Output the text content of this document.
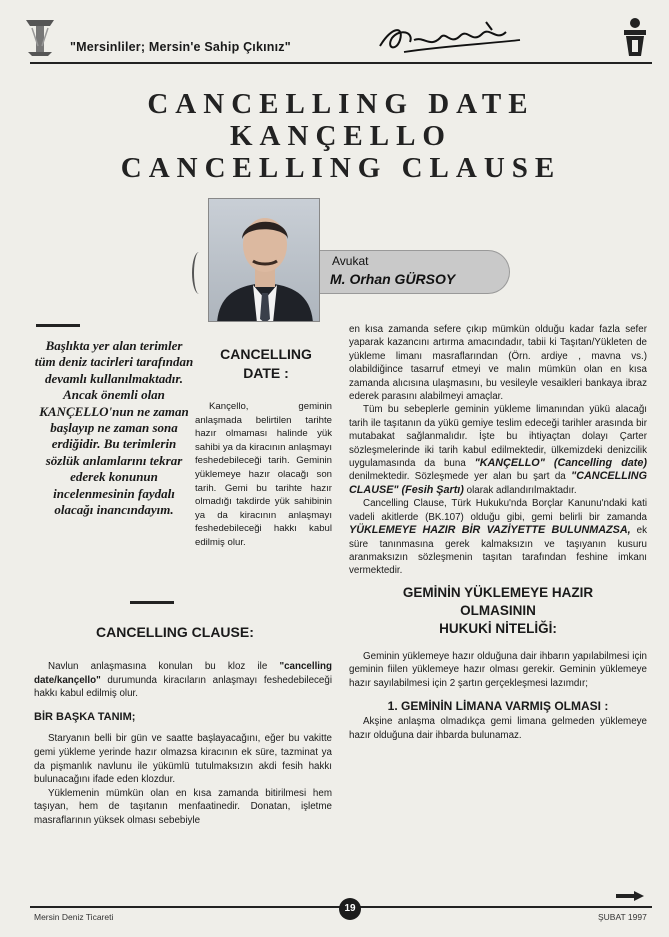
"Mersinliler; Mersin'e Sahip Çıkınız"
CANCELLING DATE
KANÇELLO
CANCELLING CLAUSE
Avukat
M. Orhan GÜRSOY
Başlıkta yer alan terimler tüm deniz tacirleri tarafından devamlı kullanılmaktadır. Ancak önemli olan KANÇELLO'nun ne zaman başlayıp ne zaman sona erdiğidir. Bu terimlerin sözlük anlamlarını tekrar ederek konunun incelenmesinin faydalı olacağı inancındayım.
CANCELLING
DATE :

Kançello, geminin anlaşmada belirtilen tarihte hazır olmaması halinde yük sahibi ya da kiracının anlaşmayı feshedebileceği tarih. Geminin yüklemeye hazır olacağı son tarih. Gemi bu tarihte hazır olmadığı takdirde yük sahibinin ya da kiracının anlaşmayı feshedebileceği hakkı kabul edilmiş olur.

CANCELLING CLAUSE:

Navlun anlaşmasına konulan bu kloz ile "cancelling date/kançello" durumunda kiracıların anlaşmayı feshedebileceği hakkı kabul edilmiş olur.

BİR BAŞKA TANIM;

Staryanın belli bir gün ve saatte başlayacağını, eğer bu vakitte gemi yükleme yerinde hazır olmazsa kiracının ek süre, tazminat ya da pişmanlık navlunu ile yükümlü tutulmaksızın akdi fesih hakkı bulunacağını ifade eden klozdur.

Yüklemenin mümkün olan en kısa zamanda bitirilmesi hem taşıyan, hem de taşıtanın menfaatinedir. Donatan, işletme masraflarının yüksek olması sebebiyle

en kısa zamanda sefere çıkıp mümkün olduğu kadar fazla sefer yaparak kazancını artırma amacındadır, tabii ki Taşıtan/Yükleten de yükleme limanı masraflarından (Örn. ardiye , mavna vs.) olabildiğince tasarruf etmeyi ve malın mümkün olan en kısa zamanda alıcısına ulaşmasını, bu vesileyle vesaikleri bankaya ibraz ederek parasını alabilmeyi amaçlar.

Tüm bu sebeplerle geminin yükleme limanından yükü alacağı tarih ile taşıtanın da yükü gemiye teslim edeceği tarihler arasında bir mutabakat sağlanmalıdır. İşte bu ihtiyaçtan dolayı Çarter sözleşmelerinde iki tarih kabul edilmektedir, ülkemizdeki denizcilik uygulamasında da buna "KANÇELLO" (Cancelling date) denilmektedir. Sözleşmede yer alan bu şart da "CANCELLING CLAUSE" (Fesih Şartı) olarak adlandırılmaktadır.

Cancelling Clause, Türk Hukuku'nda Borçlar Kanunu'ndaki kati vadeli akitlerde (BK.107) olduğu gibi, gemi belirli bir zamanda YÜKLEMEYE HAZIR BİR VAZİYETTE BULUNMAZSA, ek süre tanınmasına gerek kalmaksızın ve taşıyanın kusuru aranmaksızın sözleşmenin taşıtan tarafından feshine imkanı vermektedir.

GEMİNİN YÜKLEMEYE HAZIR
OLMASININ
HUKUKİ NİTELİĞİ:

Geminin yüklemeye hazır olduğuna dair ihbarın yapılabilmesi için geminin fiilen yüklemeye hazır olması gerekir. Geminin yüklemeye hazır sayılabilmesi için 2 şartın gerçekleşmesi lazımdır;

1. GEMİNİN LİMANA VARMIŞ OLMASI :

Akşine anlaşma olmadıkça gemi limana gelmeden yüklemeye hazır olduğuna dair ihbarda bulunamaz.

Mersin Deniz Ticareti
19
ŞUBAT 1997
